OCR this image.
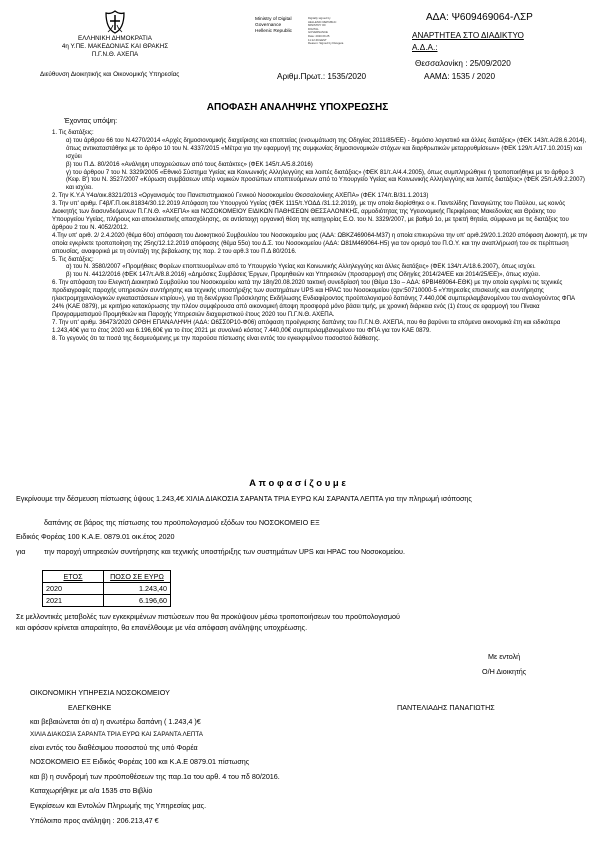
ΕΛΛΗΝΙΚΗ ΔΗΜΟΚΡΑΤΙΑ
4η Υ.ΠΕ. ΜΑΚΕΔΟΝΙΑΣ ΚΑΙ ΘΡΑΚΗΣ
Π.Γ.Ν.Θ. ΑΧΕΠΑ
Διεύθυνση Διοικητικής και Οικονομικής Υπηρεσίας
Ministry of Digital
Governance
Hellenic Republic
Digitally signed by
HELLENIC REPUBLIC
MINISTRY OF
DIGITAL
GOVERNANCE
Date: 2020.09.25
11:12:49 EEST
Reason: Signed by Diavgeia
ΑΔΑ: Ψ609469064-ΛΣΡ
ΑΝΑΡΤΗΤΕΑ ΣΤΟ ΔΙΑΔΙΚΤΥΟ
Α.Δ.Α.:
Θεσσαλονίκη : 25/09/2020
Αριθμ.Πρωτ.: 1535/2020	ΑΑΜΔ: 1535 / 2020
ΑΠΟΦΑΣΗ ΑΝΑΛΗΨΗΣ ΥΠΟΧΡΕΩΣΗΣ
Έχοντας υπόψη:

1. Τις διατάξεις:

α) του άρθρου 66 του Ν.4270/2014 «Αρχές δημοσιονομικής διαχείρισης και εποπτείας (ενσωμάτωση της Οδηγίας 2011/85/ΕΕ) - δημόσιο λογιστικό και άλλες διατάξεις» (ΦΕΚ 143/τ.Α/28.6.2014), όπως αντικαταστάθηκε με το άρθρο 10 του Ν. 4337/2015 «Μέτρα για την εφαρμογή της συμφωνίας δημοσιονομικών στόχων και διαρθρωτικών μεταρρυθμίσεων» (ΦΕΚ 129/τ.Α/17.10.2015) και ισχύει

β) του Π.Δ. 80/2016 «Ανάληψη υποχρεώσεων από τους διατάκτες» (ΦΕΚ 145/τ.Α/5.8.2016)

γ) του άρθρου 7 του Ν. 3329/2005 «Εθνικό Σύστημα Υγείας και Κοινωνικής Αλληλεγγύης και λοιπές διατάξεις» (ΦΕΚ 81/τ.Α/4.4.2005), όπως συμπληρώθηκε ή τροποποιήθηκε με το άρθρο 3 (Κεφ. Β') του Ν. 3527/2007 «Κύρωση συμβάσεων υπέρ νομικών προσώπων εποπτευόμενων από το Υπουργείο Υγείας και Κοινωνικής Αλληλεγγύης και λοιπές διατάξεις» (ΦΕΚ 25/τ.Α/9.2.2007) και ισχύει.

2. Την Κ.Υ.Α Υ4α/οικ.8321/2013 «Οργανισμός του Πανεπιστημιακού Γενικού Νοσοκομείου Θεσσαλονίκης ΑΧΕΠΑ» (ΦΕΚ 174/τ.Β/31.1.2013)

3. Την υπ' αριθμ. Γ4β/Γ.Π.οικ.81834/30.12.2019 Απόφαση του Υπουργού Υγείας (ΦΕΚ 1115/τ.ΥΟΔΔ /31.12.2019), με την οποία διορίσθηκε ο κ. Παντελίδης Παναγιώτης του Παύλου, ως κοινός Διοικητής των διασυνδεόμενων Π.Γ.Ν.Θ. «ΑΧΕΠΑ» και ΝΟΣΟΚΟΜΕΙΟΥ ΕΙΔΙΚΩΝ ΠΑΘΗΣΕΩΝ ΘΕΣΣΑΛΟΝΙΚΗΣ, αρμοδιότητας της Υγειονομικής Περιφέρειας Μακεδονίας και Θράκης του Υπουργείου Υγείας, πλήρους και αποκλειστικής απασχόλησης, σε αντίστοιχη οργανική θέση της κατηγορίας Ε.Ο. του Ν. 3329/2007, με βαθμό 1ο, με τριετή θητεία, σύμφωνα με τις διατάξεις του άρθρου 2 του Ν. 4052/2012.

4.Την υπ' αριθ. 2/ 2.4.2020 (θέμα 60ο) απόφαση του Διοικητικού Συμβουλίου του Νοσοκομείου μας (ΑΔΑ: ΩΒΚΖ469064-Μ37) η οποία επικυρώνει την υπ' αριθ.29/20.1.2020 απόφαση Διοικητή, με την οποία εγκρίνετε τροποποίηση της 25ης/12.12.2019 απόφασης (θέμα 55ο) του Δ.Σ. του Νοσοκομείου (ΑΔΑ: Ω81Μ469064-Η5) για τον ορισμό του Π.Ο.Υ. και την αναπλήρωσή του σε περίπτωση απουσίας, αναφορικά με τη σύνταξη της βεβαίωσης της παρ. 2 του αρθ.3 του Π.Δ 80/2016.

5. Τις διατάξεις:

α) του Ν. 3580/2007 «Προμήθειες Φορέων εποπτευομένων από το Υπουργείο Υγείας και Κοινωνικής Αλληλεγγύης και άλλες διατάξεις» (ΦΕΚ 134/τ.Α/18.6.2007), όπως ισχύει.

β) του Ν. 4412/2016 (ΦΕΚ 147/τ.Α/8.8.2016) «Δημόσιες Συμβάσεις Έργων, Προμηθειών και Υπηρεσιών (προσαρμογή στις Οδηγίες 2014/24/ΕΕ και 2014/25/ΕΕ)», όπως ισχύει.

6. Την απόφαση του Ελεγκτή Διοικητικό Συμβούλιο του Νοσοκομείου κατά την 18η/20.08.2020 τακτική συνεδρίασή του (Θέμα 13ο – ΑΔΑ: 6ΡΒΙ469064-ΕΘΚ) με την οποία εγκρίνει τις τεχνικές προδιαγραφές παροχής υπηρεσιών συντήρησης και τεχνικής υποστήριξης των συστημάτων UPS και HPAC του Νοσοκομείου (cpv:50710000-5 «Υπηρεσίες επισκευής και συντήρησης ηλεκτρομηχανολογικών εγκαταστάσεων κτιρίου»), για τη διενέργεια Πρόσκλησης Εκδήλωσης Ενδιαφέροντος προϋπολογισμού δαπάνης 7.440,00€ συμπεριλαμβανομένου του αναλογούντος ΦΠΑ 24% (ΚΑΕ 0879), με κριτήριο κατακύρωσης την πλέον συμφέρουσα από οικονομική άποψη προσφορά μόνο βάσει τιμής, με χρονική διάρκεια ενός (1) έτους σε εφαρμογή του Πίνακα Προγραμματισμού Προμηθειών και Παροχής Υπηρεσιών διαχειριστικού έτους 2020 του Π.Γ.Ν.Θ. ΑΧΕΠΑ.

7. Την υπ' αριθμ. 36473/2020 ΟΡΘΗ ΕΠΑΝΑΛΗΨΗ (ΑΔΑ: Ω6ΣΣ0Ρ10-Φ06) απόφαση προέγκρισης δαπάνης του Π.Γ.Ν.Θ. ΑΧΕΠΑ, που θα βαρύνει τα επόμενα οικονομικά έτη και ειδικότερα 1.243,40€ για το έτος 2020 και 6.196,60€ για το έτος 2021 με συνολικό κόστος 7.440,00€ συμπεριλαμβανομένου του ΦΠΑ για τον ΚΑΕ 0879.

8. Το γεγονός ότι τα ποσά της δεσμευόμενης με την παρούσα πίστωσης είναι εντός του εγκεκριμένου ποσοστού διάθεσης.

Α π ο φ α σ ί ζ ο υ μ ε
Εγκρίνουμε την δέσμευση πίστωσης ύψους 1.243,4€ ΧΙΛΙΑ ΔΙΑΚΟΣΙΑ ΣΑΡΑΝΤΑ ΤΡΙΑ ΕΥΡΩ ΚΑΙ ΣΑΡΑΝΤΑ ΛΕΠΤΑ για την πληρωμή ισόποσης
δαπάνης σε βάρος της πίστωσης του προϋπολογισμού εξόδων του ΝΟΣΟΚΟΜΕΙΟ ΕΞ
Ειδικός Φορέας 100 Κ.Α.Ε. 0879.01 οικ.έτος 2020
για	την παροχή υπηρεσιών συντήρησης και τεχνικής υποστήριξης των συστημάτων UPS και HPAC του Νοσοκομείου.
ΕΤΟΣ	ΠΟΣΟ ΣΕ ΕΥΡΩ
2020	1.243,40
2021	6.196,60
Σε μελλοντικές μεταβολές των εγκεκριμένων πιστώσεων που θα προκύψουν μέσω τροποποιήσεων του προϋπολογισμού
και αφόσον κρίνεται απαραίτητο, θα επανέλθουμε με νέα απόφαση ανάληψης υποχρέωσης.
Με εντολή
Ο/Η Διοικητής
ΠΑΝΤΕΛΙΑΔΗΣ ΠΑΝΑΓΙΩΤΗΣ
ΟΙΚΟΝΟΜΙΚΗ ΥΠΗΡΕΣΙΑ ΝΟΣΟΚΟΜΕΙΟΥ
ΕΛΕΓΚΘΗΚΕ
και βεβαιώνεται ότι α) η ανωτέρω δαπάνη ( 1.243,4 )€
ΧΙΛΙΑ ΔΙΑΚΟΣΙΑ ΣΑΡΑΝΤΑ ΤΡΙΑ ΕΥΡΩ ΚΑΙ ΣΑΡΑΝΤΑ ΛΕΠΤΑ
είναι εντός του διαθέσιμου ποσοστού της υπό Φορέα
ΝΟΣΟΚΟΜΕΙΟ ΕΞ Ειδικός Φορέας 100 και Κ.Α.Ε 0879.01 πίστωσης
και β) η συνδρομή των προϋποθέσεων της παρ.1α του αρθ. 4 του πδ 80/2016.
Καταχωρήθηκε με α/α 1535 στο Βιβλίο
Εγκρίσεων και Εντολών Πληρωμής της Υπηρεσίας μας.
Υπόλοιπο προς ανάληψη : 206.213,47 €
